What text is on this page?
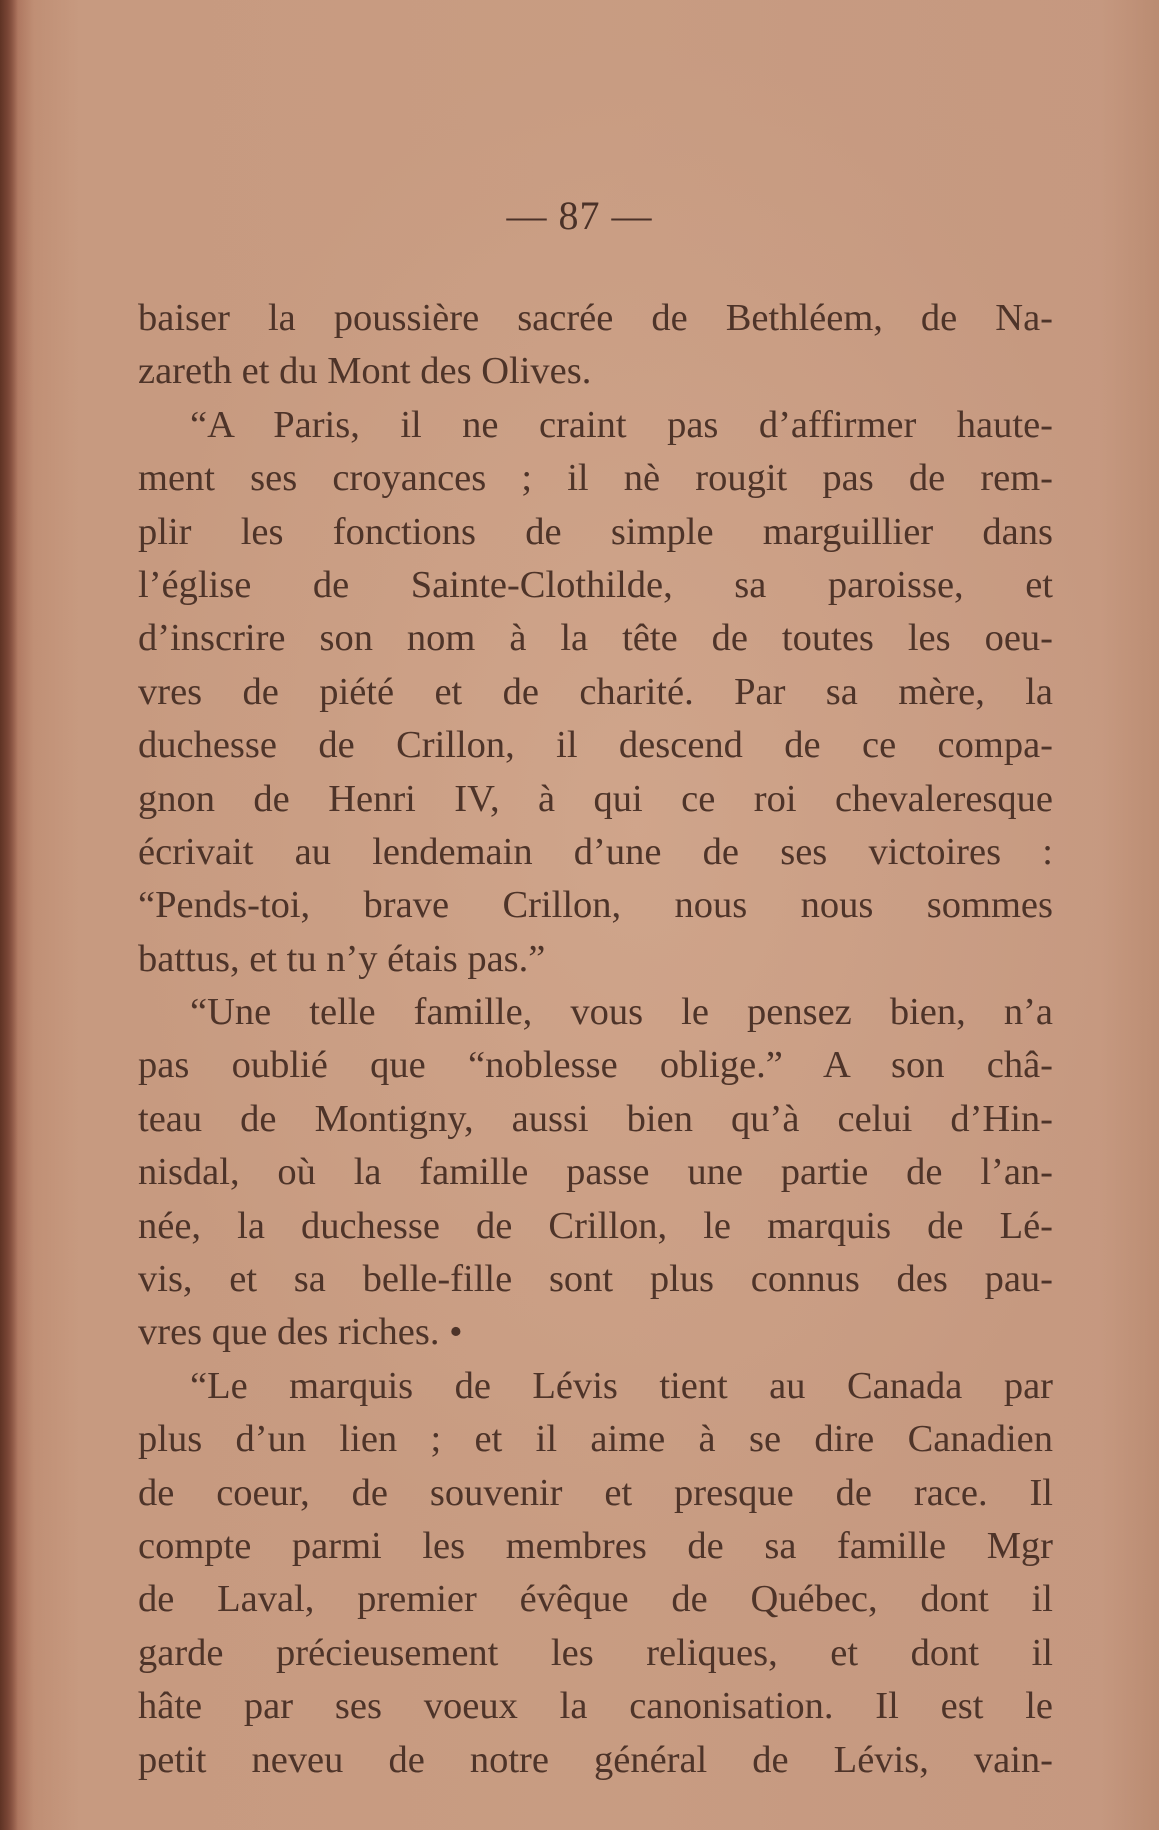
— 87 —
baiser la poussière sacrée de Bethléem, de Na-
zareth et du Mont des Olives.
“A Paris, il ne craint pas d’affirmer haute-
ment ses croyances ; il nè rougit pas de rem-
plir les fonctions de simple marguillier dans
l’église de Sainte-Clothilde, sa paroisse, et
d’inscrire son nom à la tête de toutes les oeu-
vres de piété et de charité. Par sa mère, la
duchesse de Crillon, il descend de ce compa-
gnon de Henri IV, à qui ce roi chevaleresque
écrivait au lendemain d’une de ses victoires :
“Pends-toi, brave Crillon, nous nous sommes
battus, et tu n’y étais pas.”
“Une telle famille, vous le pensez bien, n’a
pas oublié que “noblesse oblige.” A son châ-
teau de Montigny, aussi bien qu’à celui d’Hin-
nisdal, où la famille passe une partie de l’an-
née, la duchesse de Crillon, le marquis de Lé-
vis, et sa belle-fille sont plus connus des pau-
vres que des riches. •
“Le marquis de Lévis tient au Canada par
plus d’un lien ; et il aime à se dire Canadien
de coeur, de souvenir et presque de race. Il
compte parmi les membres de sa famille Mgr
de Laval, premier évêque de Québec, dont il
garde précieusement les reliques, et dont il
hâte par ses voeux la canonisation. Il est le
petit neveu de notre général de Lévis, vain-
